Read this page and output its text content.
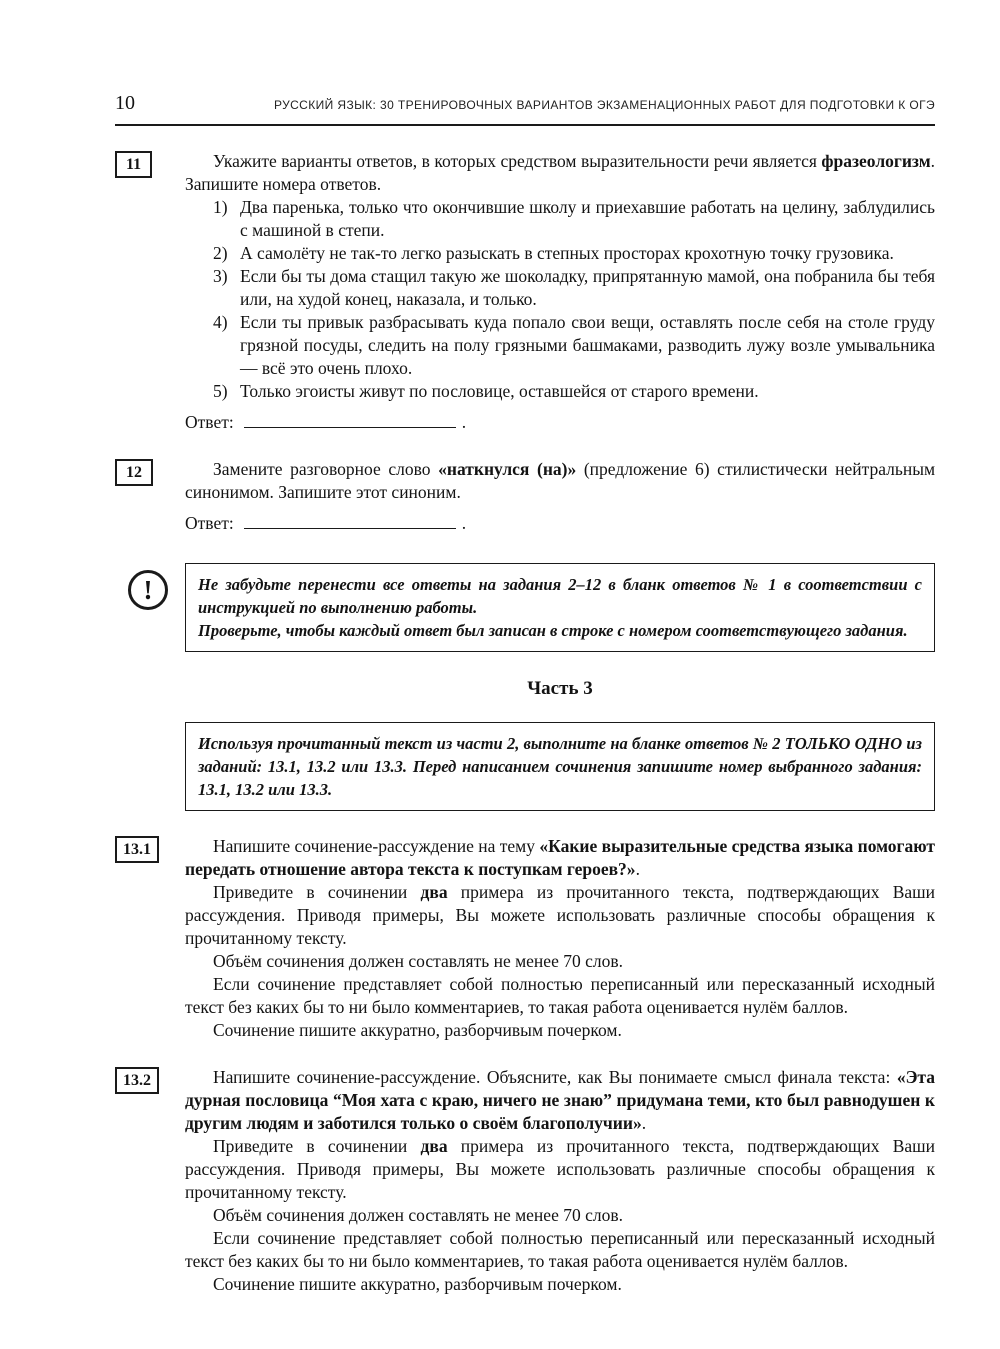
10	РУССКИЙ ЯЗЫК: 30 ТРЕНИРОВОЧНЫХ ВАРИАНТОВ ЭКЗАМЕНАЦИОННЫХ РАБОТ ДЛЯ ПОДГОТОВКИ К ОГЭ
11	Укажите варианты ответов, в которых средством выразительности речи является фразеологизм. Запишите номера ответов.

1) Два паренька, только что окончившие школу и приехавшие работать на целину, заблудились с машиной в степи.
2) А самолёту не так-то легко разыскать в степных просторах крохотную точку грузовика.
3) Если бы ты дома стащил такую же шоколадку, припрятанную мамой, она побранила бы тебя или, на худой конец, наказала, и только.
4) Если ты привык разбрасывать куда попало свои вещи, оставлять после себя на столе груду грязной посуды, следить на полу грязными башмаками, разводить лужу возле умывальника — всё это очень плохо.
5) Только эгоисты живут по пословице, оставшейся от старого времени.
Ответ:	.
12	Замените разговорное слово «наткнулся (на)» (предложение 6) стилистически нейтральным синонимом. Запишите этот синоним.

Ответ:	.
!	Не забудьте перенести все ответы на задания 2–12 в бланк ответов № 1 в соответствии с инструкцией по выполнению работы.

Проверьте, чтобы каждый ответ был записан в строке с номером соответствующего задания.

Часть 3

Используя прочитанный текст из части 2, выполните на бланке ответов № 2 ТОЛЬКО ОДНО из заданий: 13.1, 13.2 или 13.3. Перед написанием сочинения запишите номер выбранного задания: 13.1, 13.2 или 13.3.

13.1	Напишите сочинение-рассуждение на тему «Какие выразительные средства языка помогают передать отношение автора текста к поступкам героев?».

Приведите в сочинении два примера из прочитанного текста, подтверждающих Ваши рассуждения. Приводя примеры, Вы можете использовать различные способы обращения к прочитанному тексту.

Объём сочинения должен составлять не менее 70 слов.

Если сочинение представляет собой полностью переписанный или пересказанный исходный текст без каких бы то ни было комментариев, то такая работа оценивается нулём баллов.

Сочинение пишите аккуратно, разборчивым почерком.

13.2	Напишите сочинение-рассуждение. Объясните, как Вы понимаете смысл финала текста: «Эта дурная пословица “Моя хата с краю, ничего не знаю” придумана теми, кто был равнодушен к другим людям и заботился только о своём благополучии».

Приведите в сочинении два примера из прочитанного текста, подтверждающих Ваши рассуждения. Приводя примеры, Вы можете использовать различные способы обращения к прочитанному тексту.

Объём сочинения должен составлять не менее 70 слов.

Если сочинение представляет собой полностью переписанный или пересказанный исходный текст без каких бы то ни было комментариев, то такая работа оценивается нулём баллов.

Сочинение пишите аккуратно, разборчивым почерком.
